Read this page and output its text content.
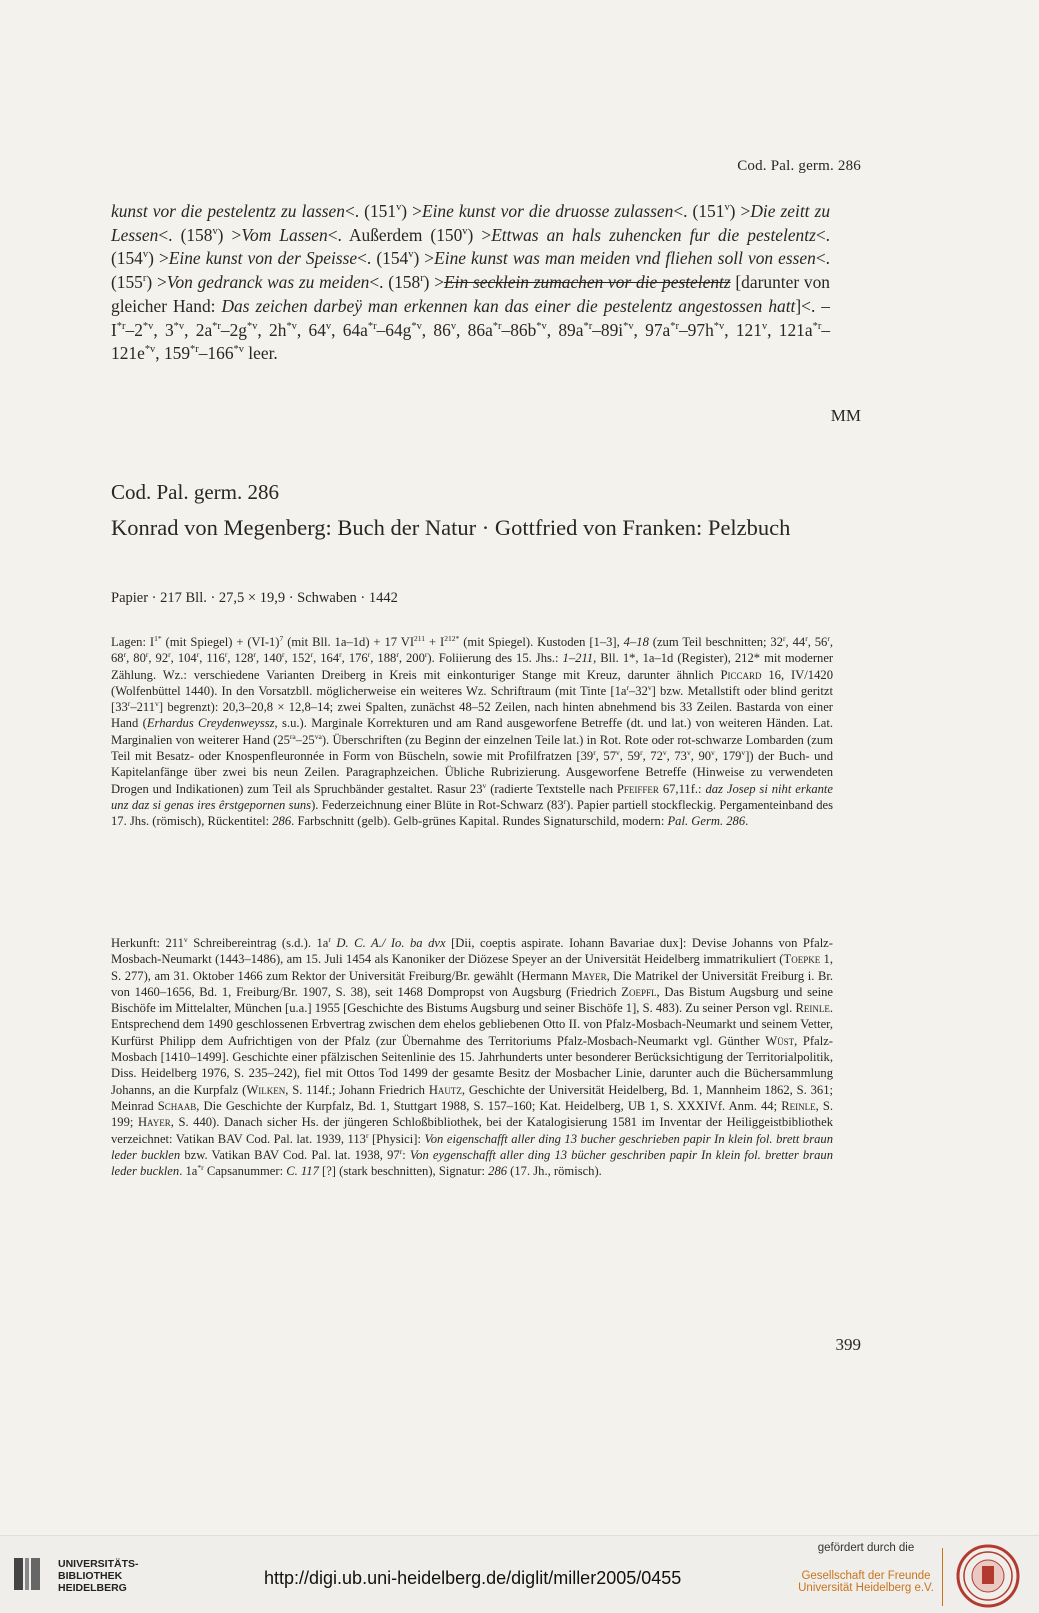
Cod. Pal. germ. 286

kunst vor die pestelentz zu lassen<. $(151^v)$ >Eine kunst vor die druosse zulassen<. $(151^v) >Die$ zeitt zu Lessen<. $(158^v) >Vom$ Lassen<. Außerdem $(150^v)$ >Ettwas an hals zuhencken fur die pestelentz<. $(154^v)$ >Eine kunst von der Speisse<. $(154^v)$ >Eine kunst was man meiden vnd fliehen soll von essen<. $(155^r) >Von$ gedranck was zu meiden<. $(158^r) >Ein$ secklein zumachen vor die pestelentz [darunter von gleicher Hand: Das zeichen darbeÿ man erkennen kan das einer die pestelentz angestossen hatt]<. – $I^{*r}-2^{*v}$, 3$^{*v}$, $2a^{*r}-2g^{*v}$, $2h^{*v}$, 64$^v$, $64a^{*r}-64g^{*v}$, 86$^v$, $86a^{*r}-86b^{*v}$, $89a^{*r}-89i^{*v}$, $97a^{*r}-97h^{*v}$, 121$^v$, $121a^{*r}-121e^{*v}$, 159$^{*r}$–166$^{*v}$ leer.

MM
Cod. Pal. germ. 286
Konrad von Megenberg: Buch der Natur · Gottfried von Franken: Pelzbuch
Papier · 217 Bll. · 27,5 × 19,9 · Schwaben · 1442

Lagen: $I^{1*}$ (mit Spiegel) + $(VI-1)^7$ (mit Bll. 1a–1d) + 17 $VI^{211} + I^{212*}$ (mit Spiegel). Kustoden [1–3], 4–18 (zum Teil beschnitten; 32$^r$, 44$^r$, 56$^r$, 68$^r$, 80$^r$, 92$^r$, 104$^r$, 116$^r$, 128$^r$, 140$^r$, 152$^r$, 164$^r$, 176$^r$, 188$^r$, 200$^r$). Foliierung des 15. Jhs.: 1–211, Bll. 1*, 1a–1d (Register), 212* mit moderner Zählung. Wz.: verschiedene Varianten Dreiberg in Kreis mit einkonturiger Stange mit Kreuz, darunter ähnlich Piccard 16, IV/1420 (Wolfenbüttel 1440). In den Vorsatzbll. möglicherweise ein weiteres Wz. Schriftraum (mit Tinte $[1a^r-32^v]$ bzw. Metallstift oder blind geritzt [33$^r$–211$^v$] begrenzt): 20,3–20,8 × 12,8–14; zwei Spalten, zunächst 48–52 Zeilen, nach hinten abnehmend bis 33 Zeilen. Bastarda von einer Hand (Erhardus Creydenweyssz, s.u.). Marginale Korrekturen und am Rand ausgeworfene Betreffe (dt. und lat.) von weiteren Händen. Lat. Marginalien von weiterer Hand $(25^{ra}-25^{va})$. Überschriften (zu Beginn der einzelnen Teile lat.) in Rot. Rote oder rot-schwarze Lombarden (zum Teil mit Besatz- oder Knospenfleuronnée in Form von Büscheln, sowie mit Profilfratzen [39$^r$, 57$^v$, 59$^r$, 72$^v$, 73$^v$, 90$^v$, 179$^v$]) der Buch- und Kapitelanfänge über zwei bis neun Zeilen. Paragraphzeichen. Übliche Rubrizierung. Ausgeworfene Betreffe (Hinweise zu verwendeten Drogen und Indikationen) zum Teil als Spruchbänder gestaltet. Rasur 23$^v$ (radierte Textstelle nach Pfeiffer 67,11f.: daz Josep si niht erkante unz daz si genas ires êrstgepornen suns). Federzeichnung einer Blüte in Rot-Schwarz (83$^r$). Papier partiell stockfleckig. Pergamenteinband des 17. Jhs. (römisch), Rückentitel: 286. Farbschnitt (gelb). Gelb-grünes Kapital. Rundes Signaturschild, modern: Pal. Germ. 286.

Herkunft: 211$^v$ Schreibereintrag (s.d.). $1a^r$ D. C. A./ Io. ba dvx [Dii, coeptis aspirate. Iohann Bavariae dux]: Devise Johanns von Pfalz-Mosbach-Neumarkt (1443–1486), am 15. Juli 1454 als Kanoniker der Diözese Speyer an der Universität Heidelberg immatrikuliert (Toepke 1, S. 277), am 31. Oktober 1466 zum Rektor der Universität Freiburg/Br. gewählt (Hermann Mayer, Die Matrikel der Universität Freiburg i. Br. von 1460–1656, Bd. 1, Freiburg/Br. 1907, S. 38), seit 1468 Dompropst von Augsburg (Friedrich Zoepfl, Das Bistum Augsburg und seine Bischöfe im Mittelalter, München [u.a.] 1955 [Geschichte des Bistums Augsburg und seiner Bischöfe 1], S. 483). Zu seiner Person vgl. Reinle. Entsprechend dem 1490 geschlossenen Erbvertrag zwischen dem ehelos gebliebenen Otto II. von Pfalz-Mosbach-Neumarkt und seinem Vetter, Kurfürst Philipp dem Aufrichtigen von der Pfalz (zur Übernahme des Territoriums Pfalz-Mosbach-Neumarkt vgl. Günther Wüst, Pfalz-Mosbach [1410–1499]. Geschichte einer pfälzischen Seitenlinie des 15. Jahrhunderts unter besonderer Berücksichtigung der Territorialpolitik, Diss. Heidelberg 1976, S. 235–242), fiel mit Ottos Tod 1499 der gesamte Besitz der Mosbacher Linie, darunter auch die Büchersammlung Johanns, an die Kurpfalz (Wilken, S. 114f.; Johann Friedrich Hautz, Geschichte der Universität Heidelberg, Bd. 1, Mannheim 1862, S. 361; Meinrad Schaab, Die Geschichte der Kurpfalz, Bd. 1, Stuttgart 1988, S. 157–160; Kat. Heidelberg, UB 1, S. XXXIVf. Anm. 44; Reinle, S. 199; Hayer, S. 440). Danach sicher Hs. der jüngeren Schloßbibliothek, bei der Katalogisierung 1581 im Inventar der Heiliggeistbibliothek verzeichnet: Vatikan BAV Cod. Pal. lat. 1939, 113$^r$ [Physici]: Von eigenschafft aller ding 13 bucher geschrieben papir In klein fol. brett braun leder bucklen bzw. Vatikan BAV Cod. Pal. lat. 1938, 97$^r$: Von eygenschafft aller ding 13 bücher geschriben papir In klein fol. bretter braun leder bucklen. $1a^{*r}$ Capsanummer: C. 117 [?] (stark beschnitten), Signatur: 286 (17. Jh., römisch).

399
UNIVERSITÄTS-
BIBLIOTHEK
HEIDELBERG	http://digi.ub.uni-heidelberg.de/diglit/miller2005/0455
gefördert durch die
Gesellschaft der Freunde
Universität Heidelberg e.V.
